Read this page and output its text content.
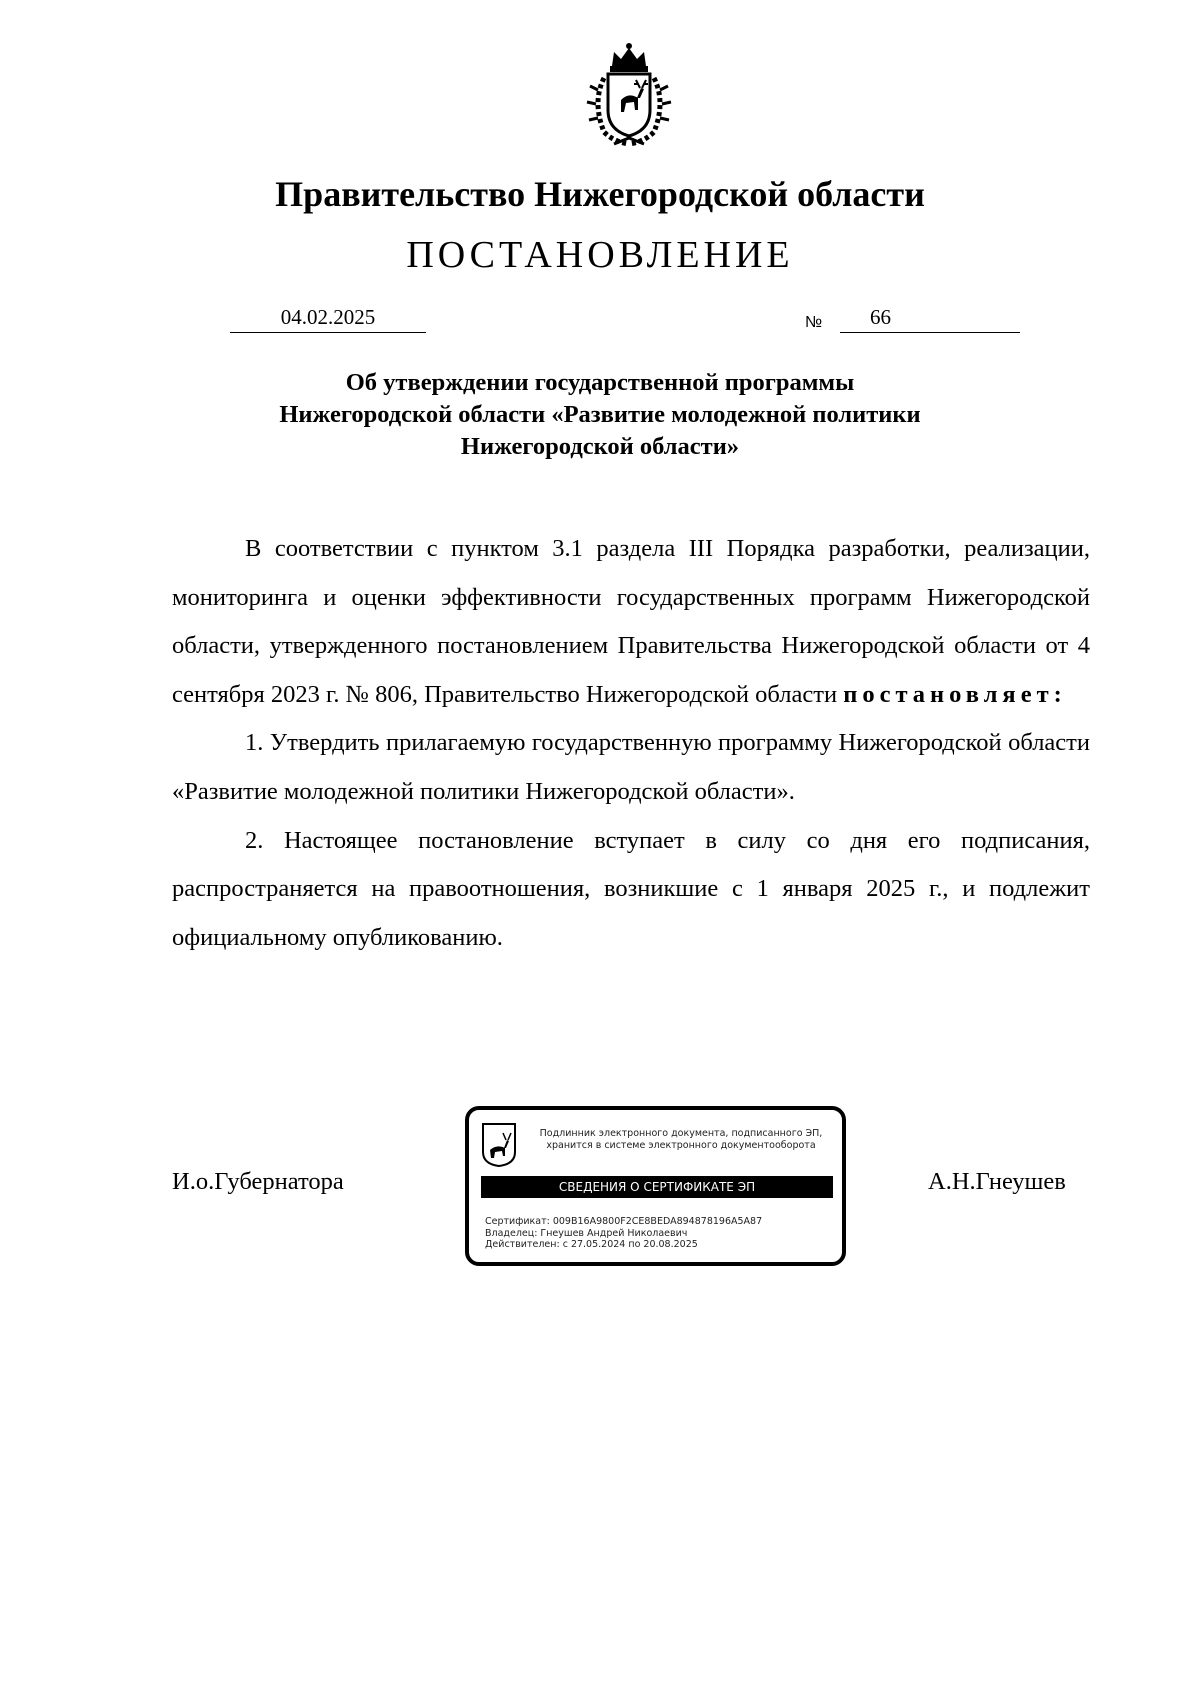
Правительство Нижегородской области
ПОСТАНОВЛЕНИЕ
04.02.2025	№	66
Об утверждении государственной программы
Нижегородской области «Развитие молодежной политики
Нижегородской области»

В соответствии с пунктом 3.1 раздела III Порядка разработки, реализации, мониторинга и оценки эффективности государственных программ Нижегородской области, утвержденного постановлением Правительства Нижегородской области от 4 сентября 2023 г. № 806, Правительство Нижегородской области постановляет:

1. Утвердить прилагаемую государственную программу Нижегородской области «Развитие молодежной политики Нижегородской области».

2. Настоящее постановление вступает в силу со дня его подписания, распространяется на правоотношения, возникшие с 1 января 2025 г., и подлежит официальному опубликованию.

И.о.Губернатора	А.Н.Гнеушев
Подлинник электронного документа, подписанного ЭП,
хранится в системе электронного документооборота
СВЕДЕНИЯ О СЕРТИФИКАТЕ ЭП
Сертификат: 009B16A9800F2CE8BEDA894878196A5A87
Владелец: Гнеушев Андрей Николаевич
Действителен: с 27.05.2024 по 20.08.2025
